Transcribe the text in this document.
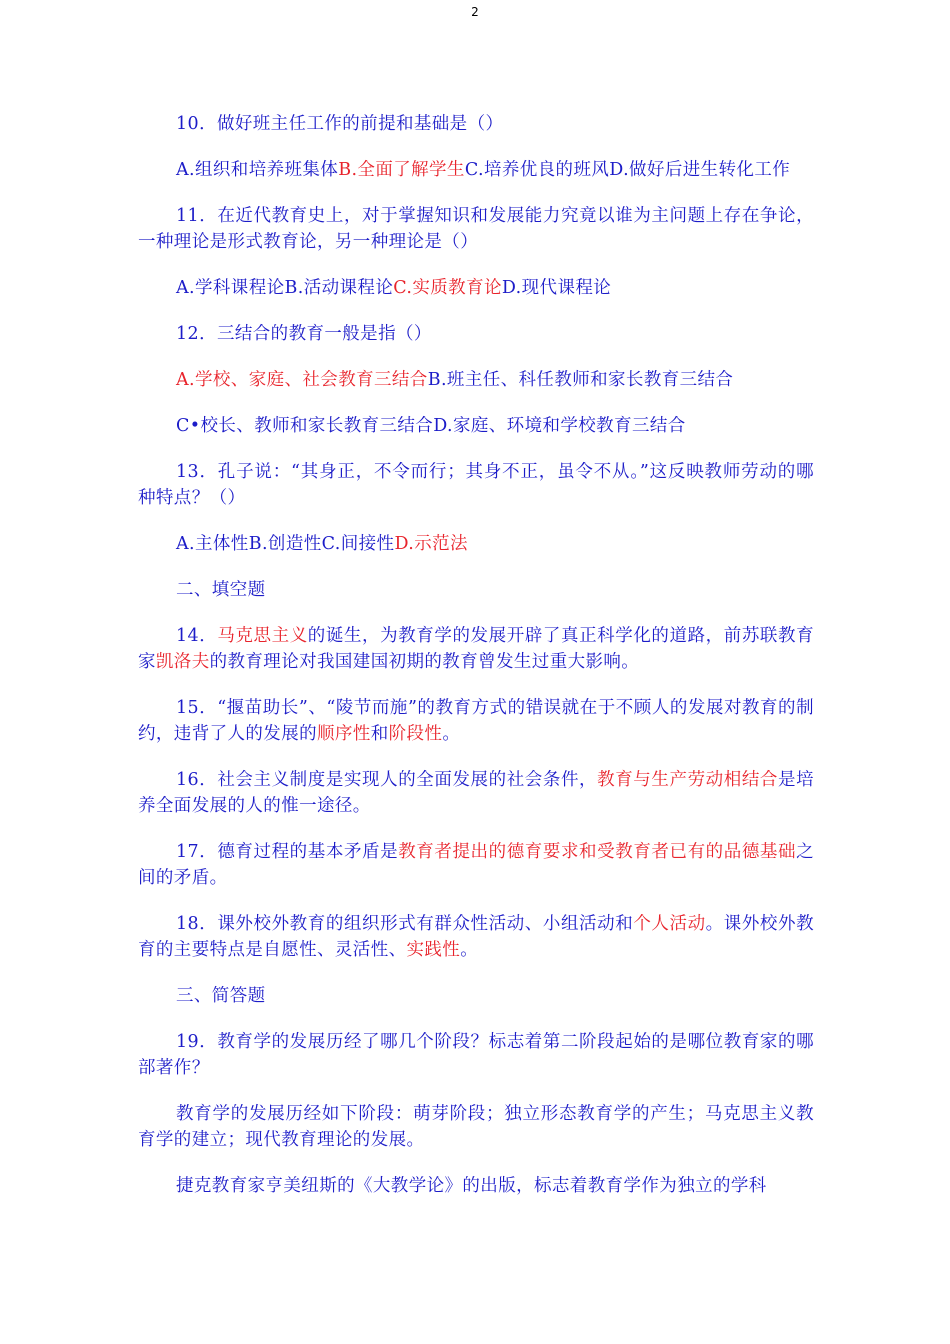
2

10．做好班主任工作的前提和基础是（）

A.组织和培养班集体B.全面了解学生C.培养优良的班风D.做好后进生转化工作

11．在近代教育史上，对于掌握知识和发展能力究竟以谁为主问题上存在争论，一种理论是形式教育论，另一种理论是（）

A.学科课程论B.活动课程论C.实质教育论D.现代课程论

12．三结合的教育一般是指（）

A.学校、家庭、社会教育三结合B.班主任、科任教师和家长教育三结合

C•校长、教师和家长教育三结合D.家庭、环境和学校教育三结合

13．孔子说：“其身正，不令而行；其身不正，虽令不从。”这反映教师劳动的哪种特点？（）

A.主体性B.创造性C.间接性D.示范法

二、填空题

14．马克思主义的诞生，为教育学的发展开辟了真正科学化的道路，前苏联教育家凯洛夫的教育理论对我国建国初期的教育曾发生过重大影响。

15．“揠苗助长”、“陵节而施”的教育方式的错误就在于不顾人的发展对教育的制约，违背了人的发展的顺序性和阶段性。

16．社会主义制度是实现人的全面发展的社会条件，教育与生产劳动相结合是培养全面发展的人的惟一途径。

17．德育过程的基本矛盾是教育者提出的德育要求和受教育者已有的品德基础之间的矛盾。

18．课外校外教育的组织形式有群众性活动、小组活动和个人活动。课外校外教育的主要特点是自愿性、灵活性、实践性。

三、简答题

19．教育学的发展历经了哪几个阶段？标志着第二阶段起始的是哪位教育家的哪部著作？

教育学的发展历经如下阶段：萌芽阶段；独立形态教育学的产生；马克思主义教育学的建立；现代教育理论的发展。

捷克教育家亨美纽斯的《大教学论》的出版，标志着教育学作为独立的学科
